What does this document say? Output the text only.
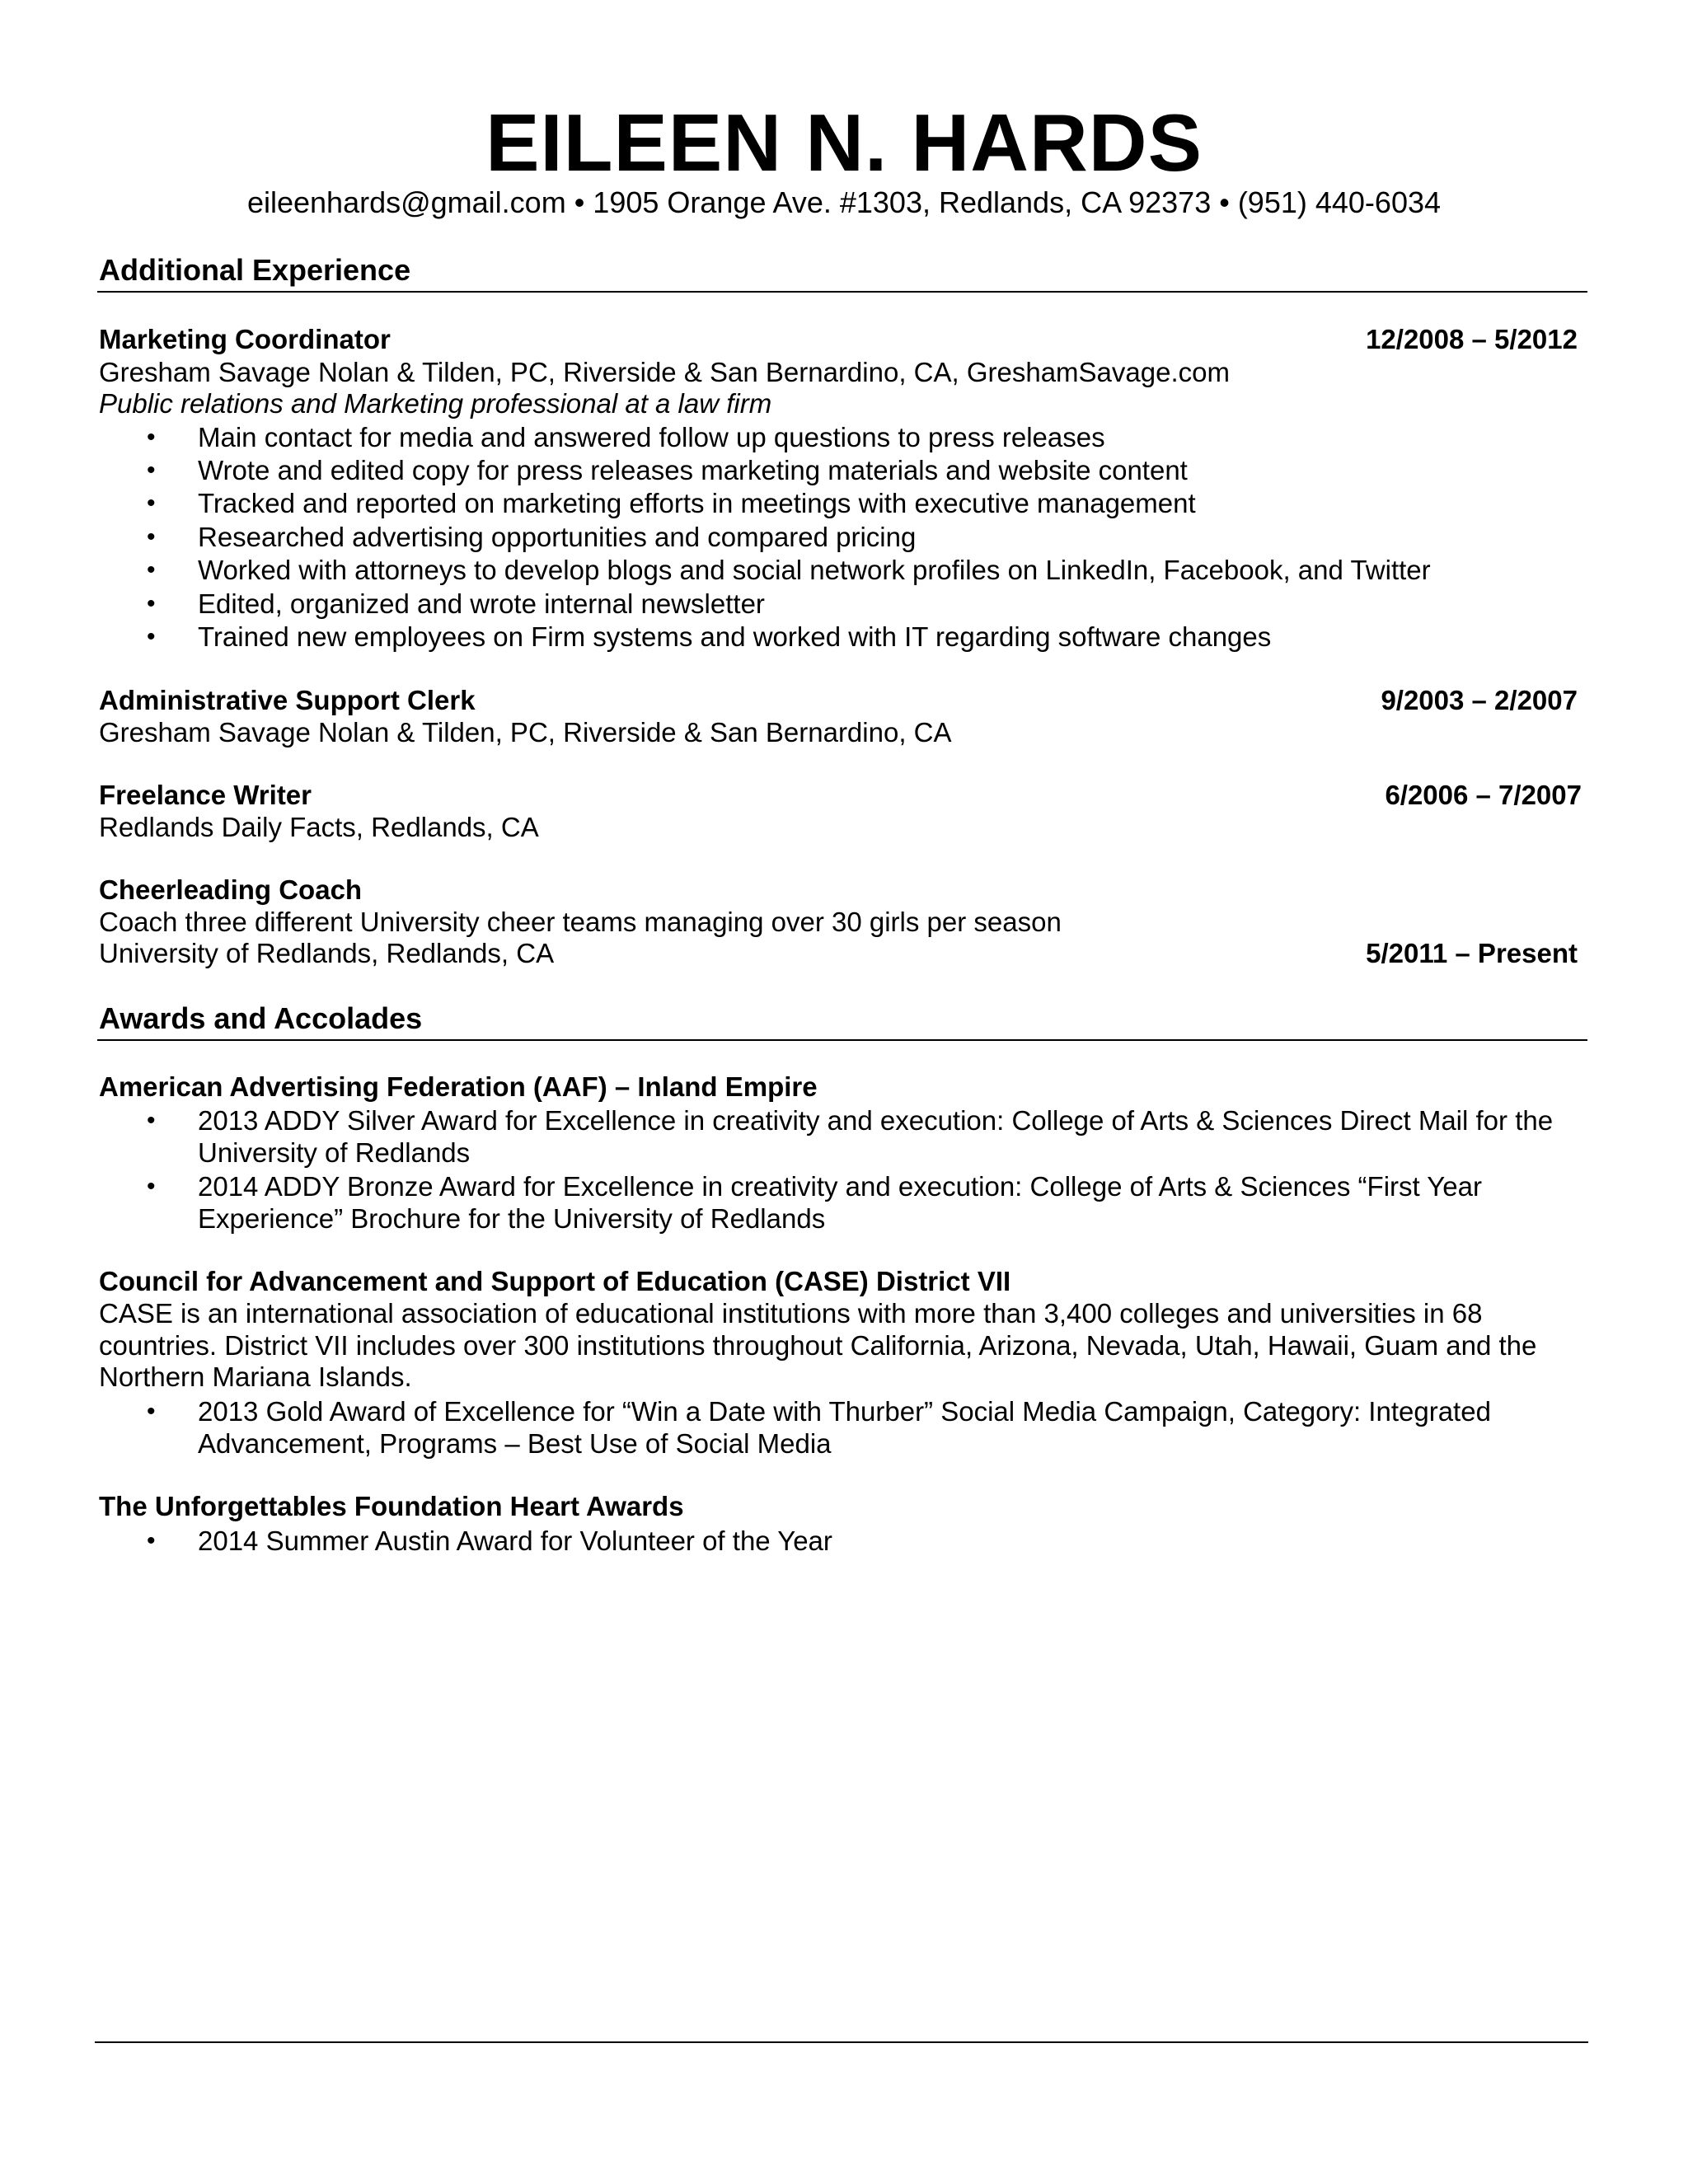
EILEEN N. HARDS
eileenhards@gmail.com • 1905 Orange Ave. #1303, Redlands, CA 92373 • (951) 440-6034
Additional Experience
Marketing Coordinator	12/2008 – 5/2012
Gresham Savage Nolan & Tilden, PC, Riverside & San Bernardino, CA, GreshamSavage.com
Public relations and Marketing professional at a law firm
• Main contact for media and answered follow up questions to press releases
• Wrote and edited copy for press releases marketing materials and website content
• Tracked and reported on marketing efforts in meetings with executive management
• Researched advertising opportunities and compared pricing
• Worked with attorneys to develop blogs and social network profiles on LinkedIn, Facebook, and Twitter
• Edited, organized and wrote internal newsletter
• Trained new employees on Firm systems and worked with IT regarding software changes
Administrative Support Clerk	9/2003 – 2/2007
Gresham Savage Nolan & Tilden, PC, Riverside & San Bernardino, CA
Freelance Writer	6/2006 – 7/2007
Redlands Daily Facts, Redlands, CA
Cheerleading Coach
Coach three different University cheer teams managing over 30 girls per season
University of Redlands, Redlands, CA	5/2011 – Present
Awards and Accolades
American Advertising Federation (AAF) – Inland Empire
• 2013 ADDY Silver Award for Excellence in creativity and execution: College of Arts & Sciences Direct Mail for the
University of Redlands
• 2014 ADDY Bronze Award for Excellence in creativity and execution: College of Arts & Sciences “First Year
Experience” Brochure for the University of Redlands
Council for Advancement and Support of Education (CASE) District VII
CASE is an international association of educational institutions with more than 3,400 colleges and universities in 68
countries. District VII includes over 300 institutions throughout California, Arizona, Nevada, Utah, Hawaii, Guam and the
Northern Mariana Islands.
• 2013 Gold Award of Excellence for “Win a Date with Thurber” Social Media Campaign, Category: Integrated
Advancement, Programs – Best Use of Social Media
The Unforgettables Foundation Heart Awards
• 2014 Summer Austin Award for Volunteer of the Year
